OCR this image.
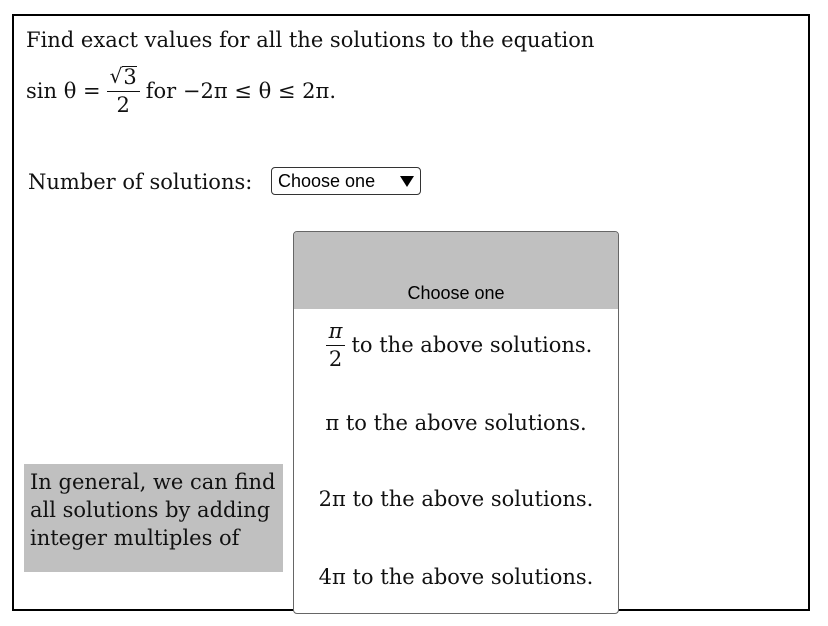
Find exact values for all the solutions to the equation
$\sin \theta = \frac{√ 3}{2}$ for −2π ≤ θ ≤ 2π.
Number of solutions: Choose one
In general, we can find all solutions by adding integer multiples of
Choose one
$\frac{\pi}{2}$ to the above solutions.
π to the above solutions.
2π to the above solutions.
4π to the above solutions.
